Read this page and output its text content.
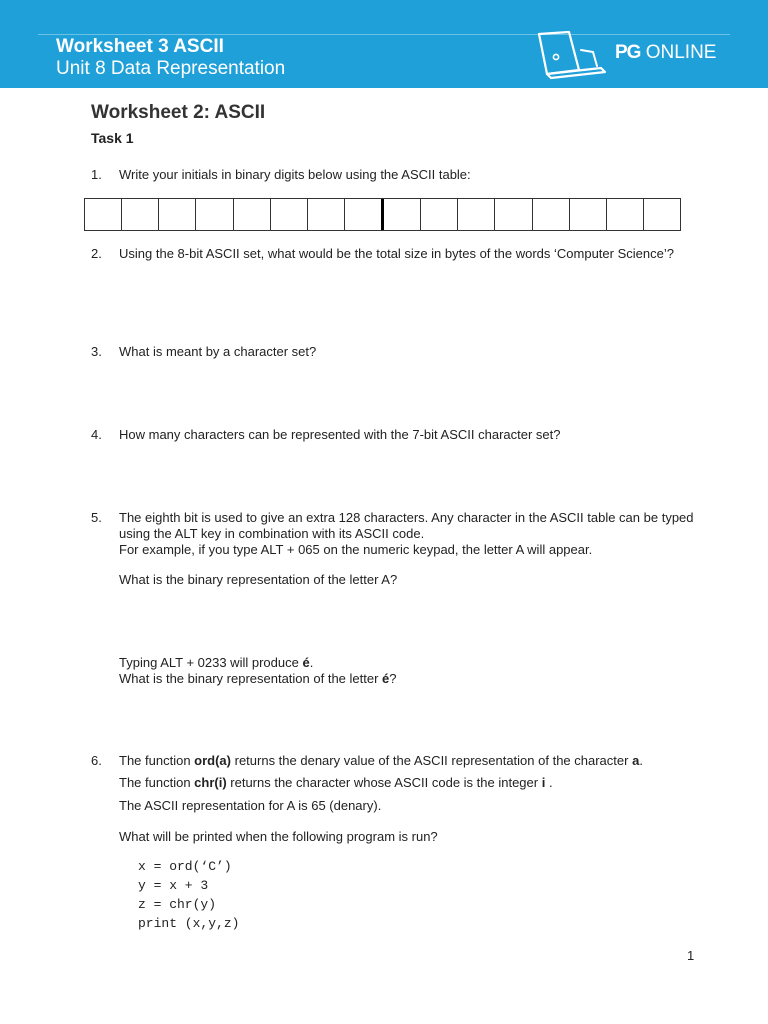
Worksheet 3 ASCII
Unit 8 Data Representation
PG ONLINE
Worksheet 2: ASCII
Task 1
1. Write your initials in binary digits below using the ASCII table:
2. Using the 8-bit ASCII set, what would be the total size in bytes of the words ‘Computer Science’?
3. What is meant by a character set?
4. How many characters can be represented with the 7-bit ASCII character set?
5. The eighth bit is used to give an extra 128 characters. Any character in the ASCII table can be typed using the ALT key in combination with its ASCII code.
For example, if you type ALT + 065 on the numeric keypad, the letter A will appear.
What is the binary representation of the letter A?
Typing ALT + 0233 will produce é.
What is the binary representation of the letter é?
6. The function ord(a) returns the denary value of the ASCII representation of the character a.
The function chr(i) returns the character whose ASCII code is the integer i .
The ASCII representation for A is 65 (denary).
What will be printed when the following program is run?
x = ord(‘C’)
y = x + 3
z = chr(y)
print (x,y,z)
1
